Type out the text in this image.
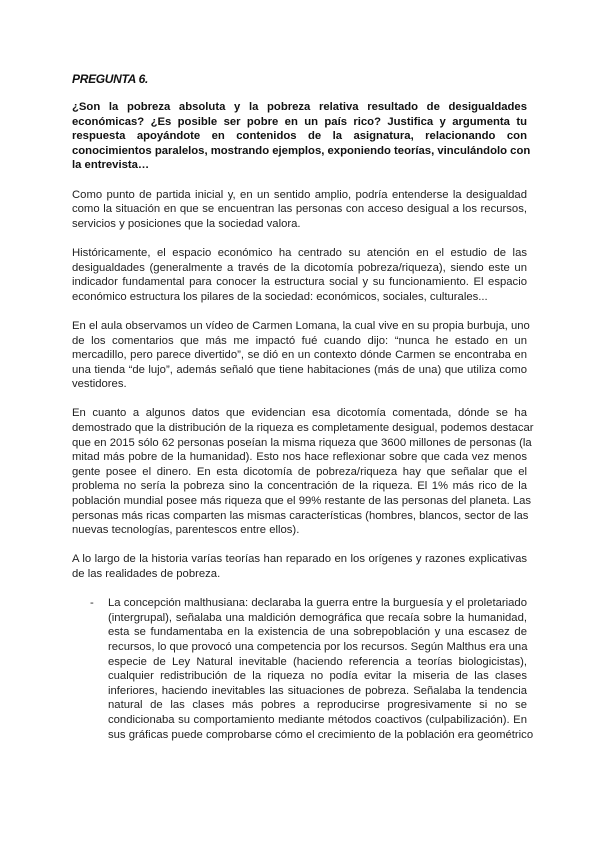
PREGUNTA 6.
¿Son la pobreza absoluta y la pobreza relativa resultado de desigualdades
económicas? ¿Es posible ser pobre en un país rico? Justifica y argumenta tu
respuesta apoyándote en contenidos de la asignatura, relacionando con
conocimientos paralelos, mostrando ejemplos, exponiendo teorías, vinculándolo con
la entrevista…
Como punto de partida inicial y, en un sentido amplio, podría entenderse la desigualdad
como la situación en que se encuentran las personas con acceso desigual a los recursos,
servicios y posiciones que la sociedad valora.
Históricamente, el espacio económico ha centrado su atención en el estudio de las
desigualdades (generalmente a través de la dicotomía pobreza/riqueza), siendo este un
indicador fundamental para conocer la estructura social y su funcionamiento. El espacio
económico estructura los pilares de la sociedad: económicos, sociales, culturales...
En el aula observamos un vídeo de Carmen Lomana, la cual vive en su propia burbuja, uno
de los comentarios que más me impactó fué cuando dijo: “nunca he estado en un
mercadillo, pero parece divertido”, se dió en un contexto dónde Carmen se encontraba en
una tienda “de lujo”, además señaló que tiene habitaciones (más de una) que utiliza como
vestidores.
En cuanto a algunos datos que evidencian esa dicotomía comentada, dónde se ha
demostrado que la distribución de la riqueza es completamente desigual, podemos destacar
que en 2015 sólo 62 personas poseían la misma riqueza que 3600 millones de personas (la
mitad más pobre de la humanidad). Esto nos hace reflexionar sobre que cada vez menos
gente posee el dinero. En esta dicotomía de pobreza/riqueza hay que señalar que el
problema no sería la pobreza sino la concentración de la riqueza. El 1% más rico de la
población mundial posee más riqueza que el 99% restante de las personas del planeta. Las
personas más ricas comparten las mismas características (hombres, blancos, sector de las
nuevas tecnologías, parentescos entre ellos).
A lo largo de la historia varías teorías han reparado en los orígenes y razones explicativas
de las realidades de pobreza.
- La concepción malthusiana: declaraba la guerra entre la burguesía y el proletariado
(intergrupal), señalaba una maldición demográfica que recaía sobre la humanidad,
esta se fundamentaba en la existencia de una sobrepoblación y una escasez de
recursos, lo que provocó una competencia por los recursos. Según Malthus era una
especie de Ley Natural inevitable (haciendo referencia a teorías biologicistas),
cualquier redistribución de la riqueza no podía evitar la miseria de las clases
inferiores, haciendo inevitables las situaciones de pobreza. Señalaba la tendencia
natural de las clases más pobres a reproducirse progresivamente si no se
condicionaba su comportamiento mediante métodos coactivos (culpabilización). En
sus gráficas puede comprobarse cómo el crecimiento de la población era geométrico
